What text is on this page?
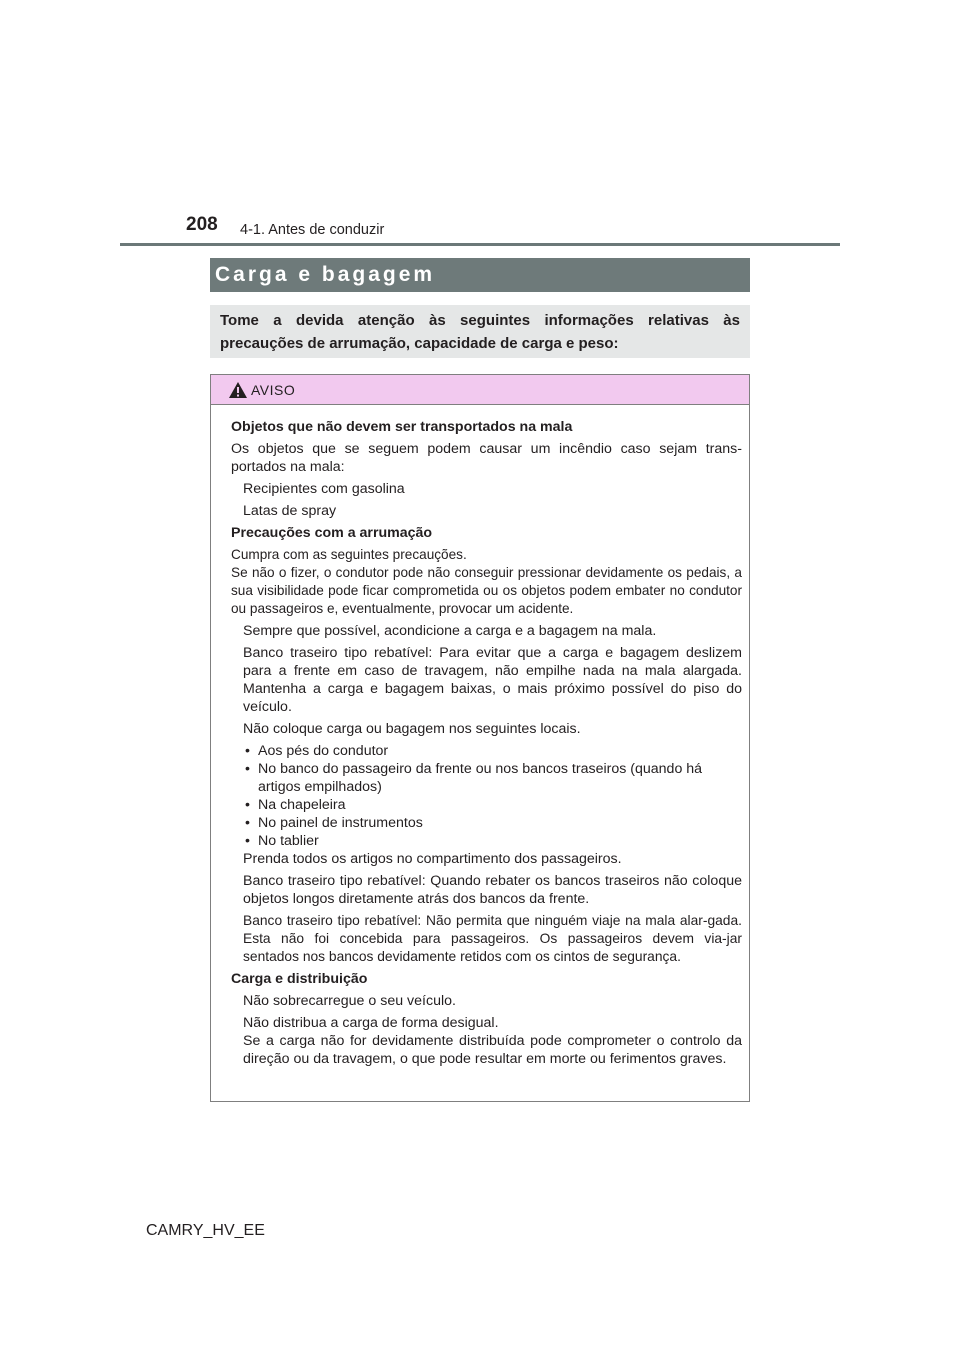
208 4-1. Antes de conduzir
Carga e bagagem
Tome a devida atenção às seguintes informações relativas às precauções de arrumação, capacidade de carga e peso:
AVISO

Objetos que não devem ser transportados na mala

Os objetos que se seguem podem causar um incêndio caso sejam trans-portados na mala:

Recipientes com gasolina

Latas de spray

Precauções com a arrumação

Cumpra com as seguintes precauções.

Se não o fizer, o condutor pode não conseguir pressionar devidamente os pedais, a sua visibilidade pode ficar comprometida ou os objetos podem embater no condutor ou passageiros e, eventualmente, provocar um acidente.

Sempre que possível, acondicione a carga e a bagagem na mala.

Banco traseiro tipo rebatível: Para evitar que a carga e bagagem deslizem para a frente em caso de travagem, não empilhe nada na mala alargada. Mantenha a carga e bagagem baixas, o mais próximo possível do piso do veículo.

Não coloque carga ou bagagem nos seguintes locais.

• Aos pés do condutor
• No banco do passageiro da frente ou nos bancos traseiros (quando há artigos empilhados)
• Na chapeleira
• No painel de instrumentos
• No tablier

Prenda todos os artigos no compartimento dos passageiros.

Banco traseiro tipo rebatível: Quando rebater os bancos traseiros não coloque objetos longos diretamente atrás dos bancos da frente.

Banco traseiro tipo rebatível: Não permita que ninguém viaje na mala alar-gada. Esta não foi concebida para passageiros. Os passageiros devem via-jar sentados nos bancos devidamente retidos com os cintos de segurança.

Carga e distribuição

Não sobrecarregue o seu veículo.

Não distribua a carga de forma desigual.

Se a carga não for devidamente distribuída pode comprometer o controlo da direção ou da travagem, o que pode resultar em morte ou ferimentos graves.

CAMRY_HV_EE
